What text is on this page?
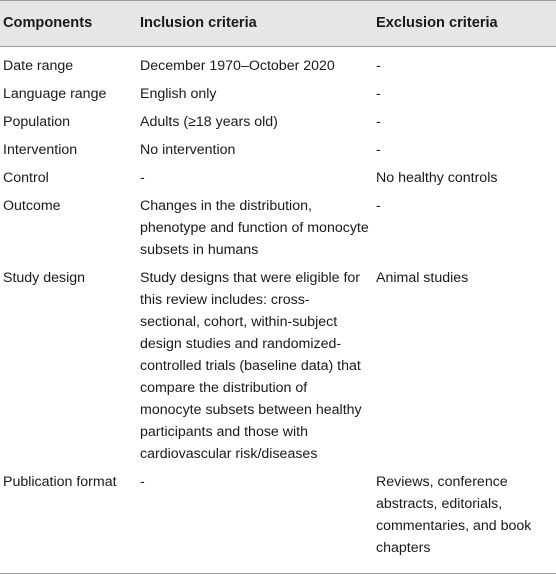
Components	Inclusion criteria	Exclusion criteria
Date range	December 1970–October 2020	-
Language range	English only	-
Population	Adults (≥18 years old)	-
Intervention	No intervention	-
Control	-	No healthy controls
Outcome	Changes in the distribution, phenotype and function of monocyte subsets in humans	-
Study design	Study designs that were eligible for this review includes: cross-sectional, cohort, within-subject design studies and randomized-controlled trials (baseline data) that compare the distribution of monocyte subsets between healthy participants and those with cardiovascular risk/diseases	Animal studies
Publication format	-	Reviews, conference abstracts, editorials, commentaries, and book chapters
